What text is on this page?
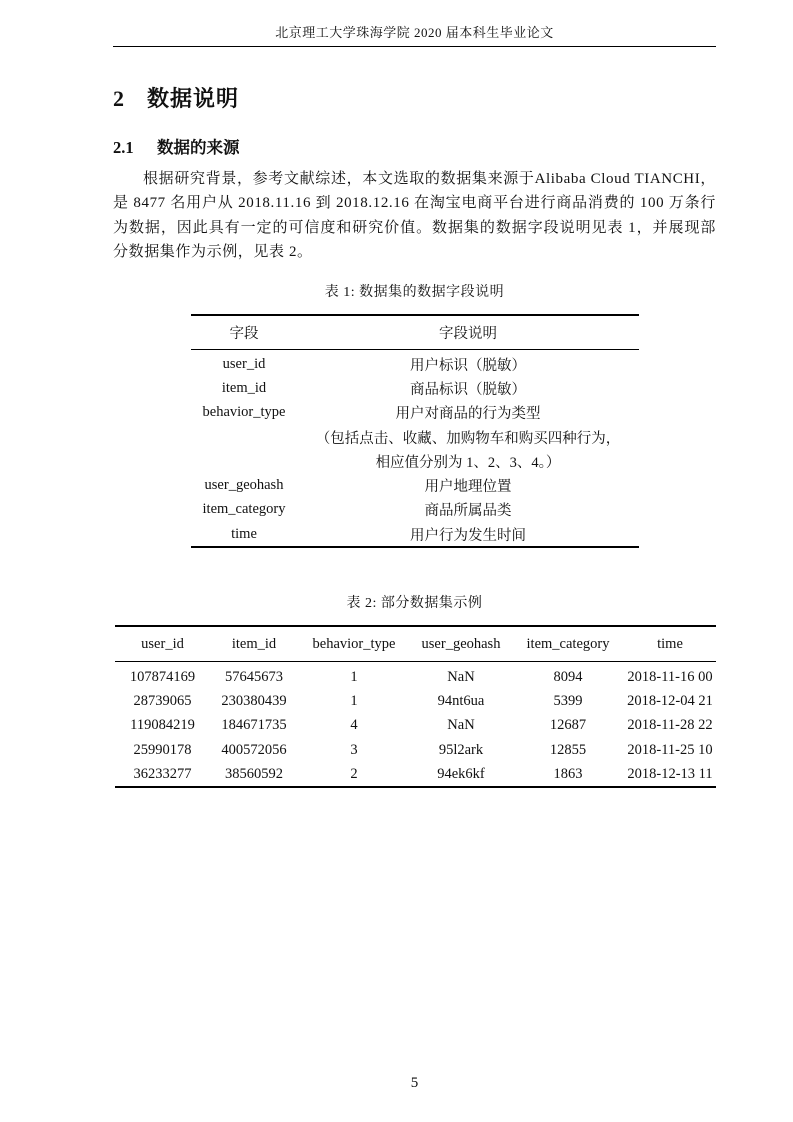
北京理工大学珠海学院 2020 届本科生毕业论文
2 数据说明
2.1 数据的来源

根据研究背景，参考文献综述，本文选取的数据集来源于Alibaba Cloud TIANCHI，是 8477 名用户从 2018.11.16 到 2018.12.16 在淘宝电商平台进行商品消费的 100 万条行为数据，因此具有一定的可信度和研究价值。数据集的数据字段说明见表 1，并展现部分数据集作为示例，见表 2。

表 1: 数据集的数据字段说明
字段	字段说明
user_id	用户标识（脱敏）
item_id	商品标识（脱敏）
behavior_type	用户对商品的行为类型
	（包括点击、收藏、加购物车和购买四种行为，
	相应值分别为 1、2、3、4。）
user_geohash	用户地理位置
item_category	商品所属品类
time	用户行为发生时间
表 2: 部分数据集示例
user_id	item_id	behavior_type	user_geohash	item_category	time
107874169	57645673	1	NaN	8094	2018-11-16 00
28739065	230380439	1	94nt6ua	5399	2018-12-04 21
119084219	184671735	4	NaN	12687	2018-11-28 22
25990178	400572056	3	95l2ark	12855	2018-11-25 10
36233277	38560592	2	94ek6kf	1863	2018-12-13 11
5
